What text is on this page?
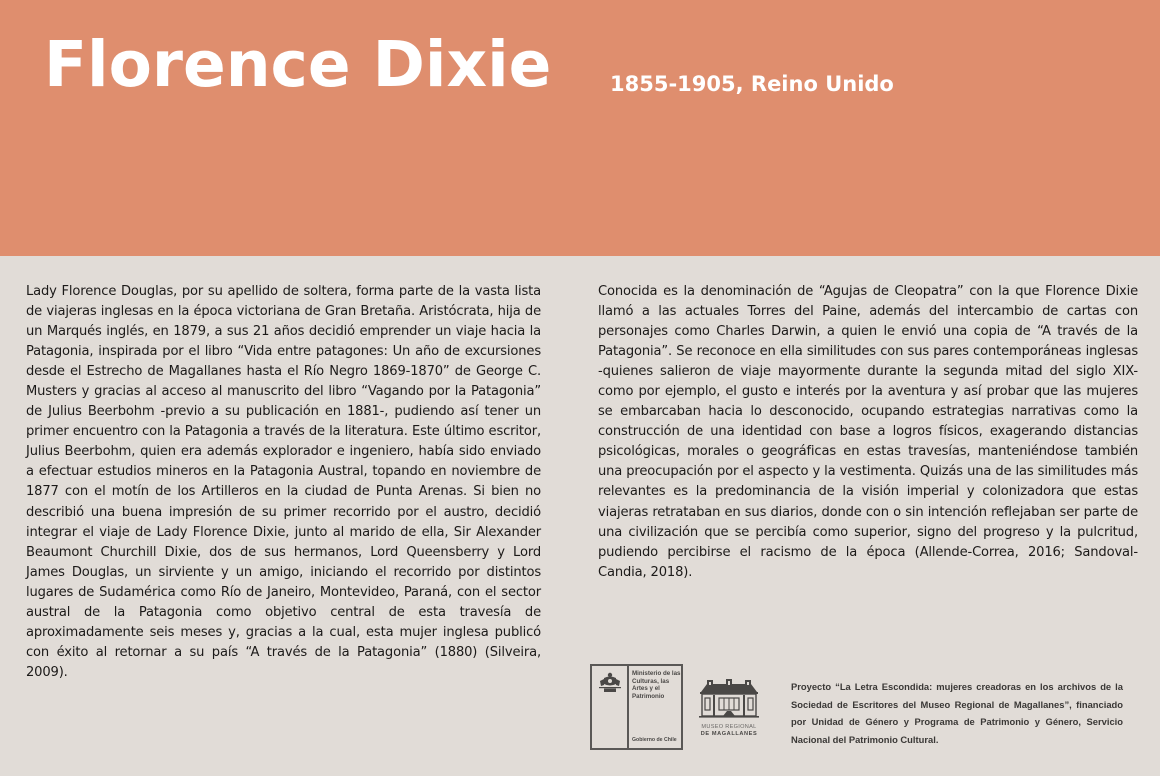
Florence Dixie	1855-1905, Reino Unido

Lady Florence Douglas, por su apellido de soltera, forma parte de la vasta lista de viajeras inglesas en la época victoriana de Gran Bretaña. Aristócrata, hija de un Marqués inglés, en 1879, a sus 21 años decidió emprender un viaje hacia la Patagonia, inspirada por el libro “Vida entre patagones: Un año de excursiones desde el Estrecho de Magallanes hasta el Río Negro 1869-1870” de George C. Musters y gracias al acceso al manuscrito del libro “Vagando por la Patagonia” de Julius Beerbohm -previo a su publicación en 1881-, pudiendo así tener un primer encuentro con la Patagonia a través de la literatura. Este último escritor, Julius Beerbohm, quien era además explorador e ingeniero, había sido enviado a efectuar estudios mineros en la Patagonia Austral, topando en noviembre de 1877 con el motín de los Artilleros en la ciudad de Punta Arenas. Si bien no describió una buena impresión de su primer recorrido por el austro, decidió integrar el viaje de Lady Florence Dixie, junto al marido de ella, Sir Alexander Beaumont Churchill Dixie, dos de sus hermanos, Lord Queensberry y Lord James Douglas, un sirviente y un amigo, iniciando el recorrido por distintos lugares de Sudamérica como Río de Janeiro, Montevideo, Paraná, con el sector austral de la Patagonia como objetivo central de esta travesía de aproximadamente seis meses y, gracias a la cual, esta mujer inglesa publicó con éxito al retornar a su país “A través de la Patagonia” (1880) (Silveira, 2009).

Conocida es la denominación de “Agujas de Cleopatra” con la que Florence Dixie llamó a las actuales Torres del Paine, además del intercambio de cartas con personajes como Charles Darwin, a quien le envió una copia de “A través de la Patagonia”. Se reconoce en ella similitudes con sus pares contemporáneas inglesas -quienes salieron de viaje mayormente durante la segunda mitad del siglo XIX- como por ejemplo, el gusto e interés por la aventura y así probar que las mujeres se embarcaban hacia lo desconocido, ocupando estrategias narrativas como la construcción de una identidad con base a logros físicos, exagerando distancias psicológicas, morales o geográficas en estas travesías, manteniéndose también una preocupación por el aspecto y la vestimenta. Quizás una de las similitudes más relevantes es la predominancia de la visión imperial y colonizadora que estas viajeras retrataban en sus diarios, donde con o sin intención reflejaban ser parte de una civilización que se percibía como superior, signo del progreso y la pulcritud, pudiendo percibirse el racismo de la época (Allende-Correa, 2016; Sandoval-Candia, 2018).

Ministerio de las Culturas, las Artes y el Patrimonio
Gobierno de Chile
MUSEO REGIONAL
DE MAGALLANES

Proyecto “La Letra Escondida: mujeres creadoras en los archivos de la Sociedad de Escritores del Museo Regional de Magallanes”, financiado por Unidad de Género y Programa de Patrimonio y Género, Servicio Nacional del Patrimonio Cultural.
